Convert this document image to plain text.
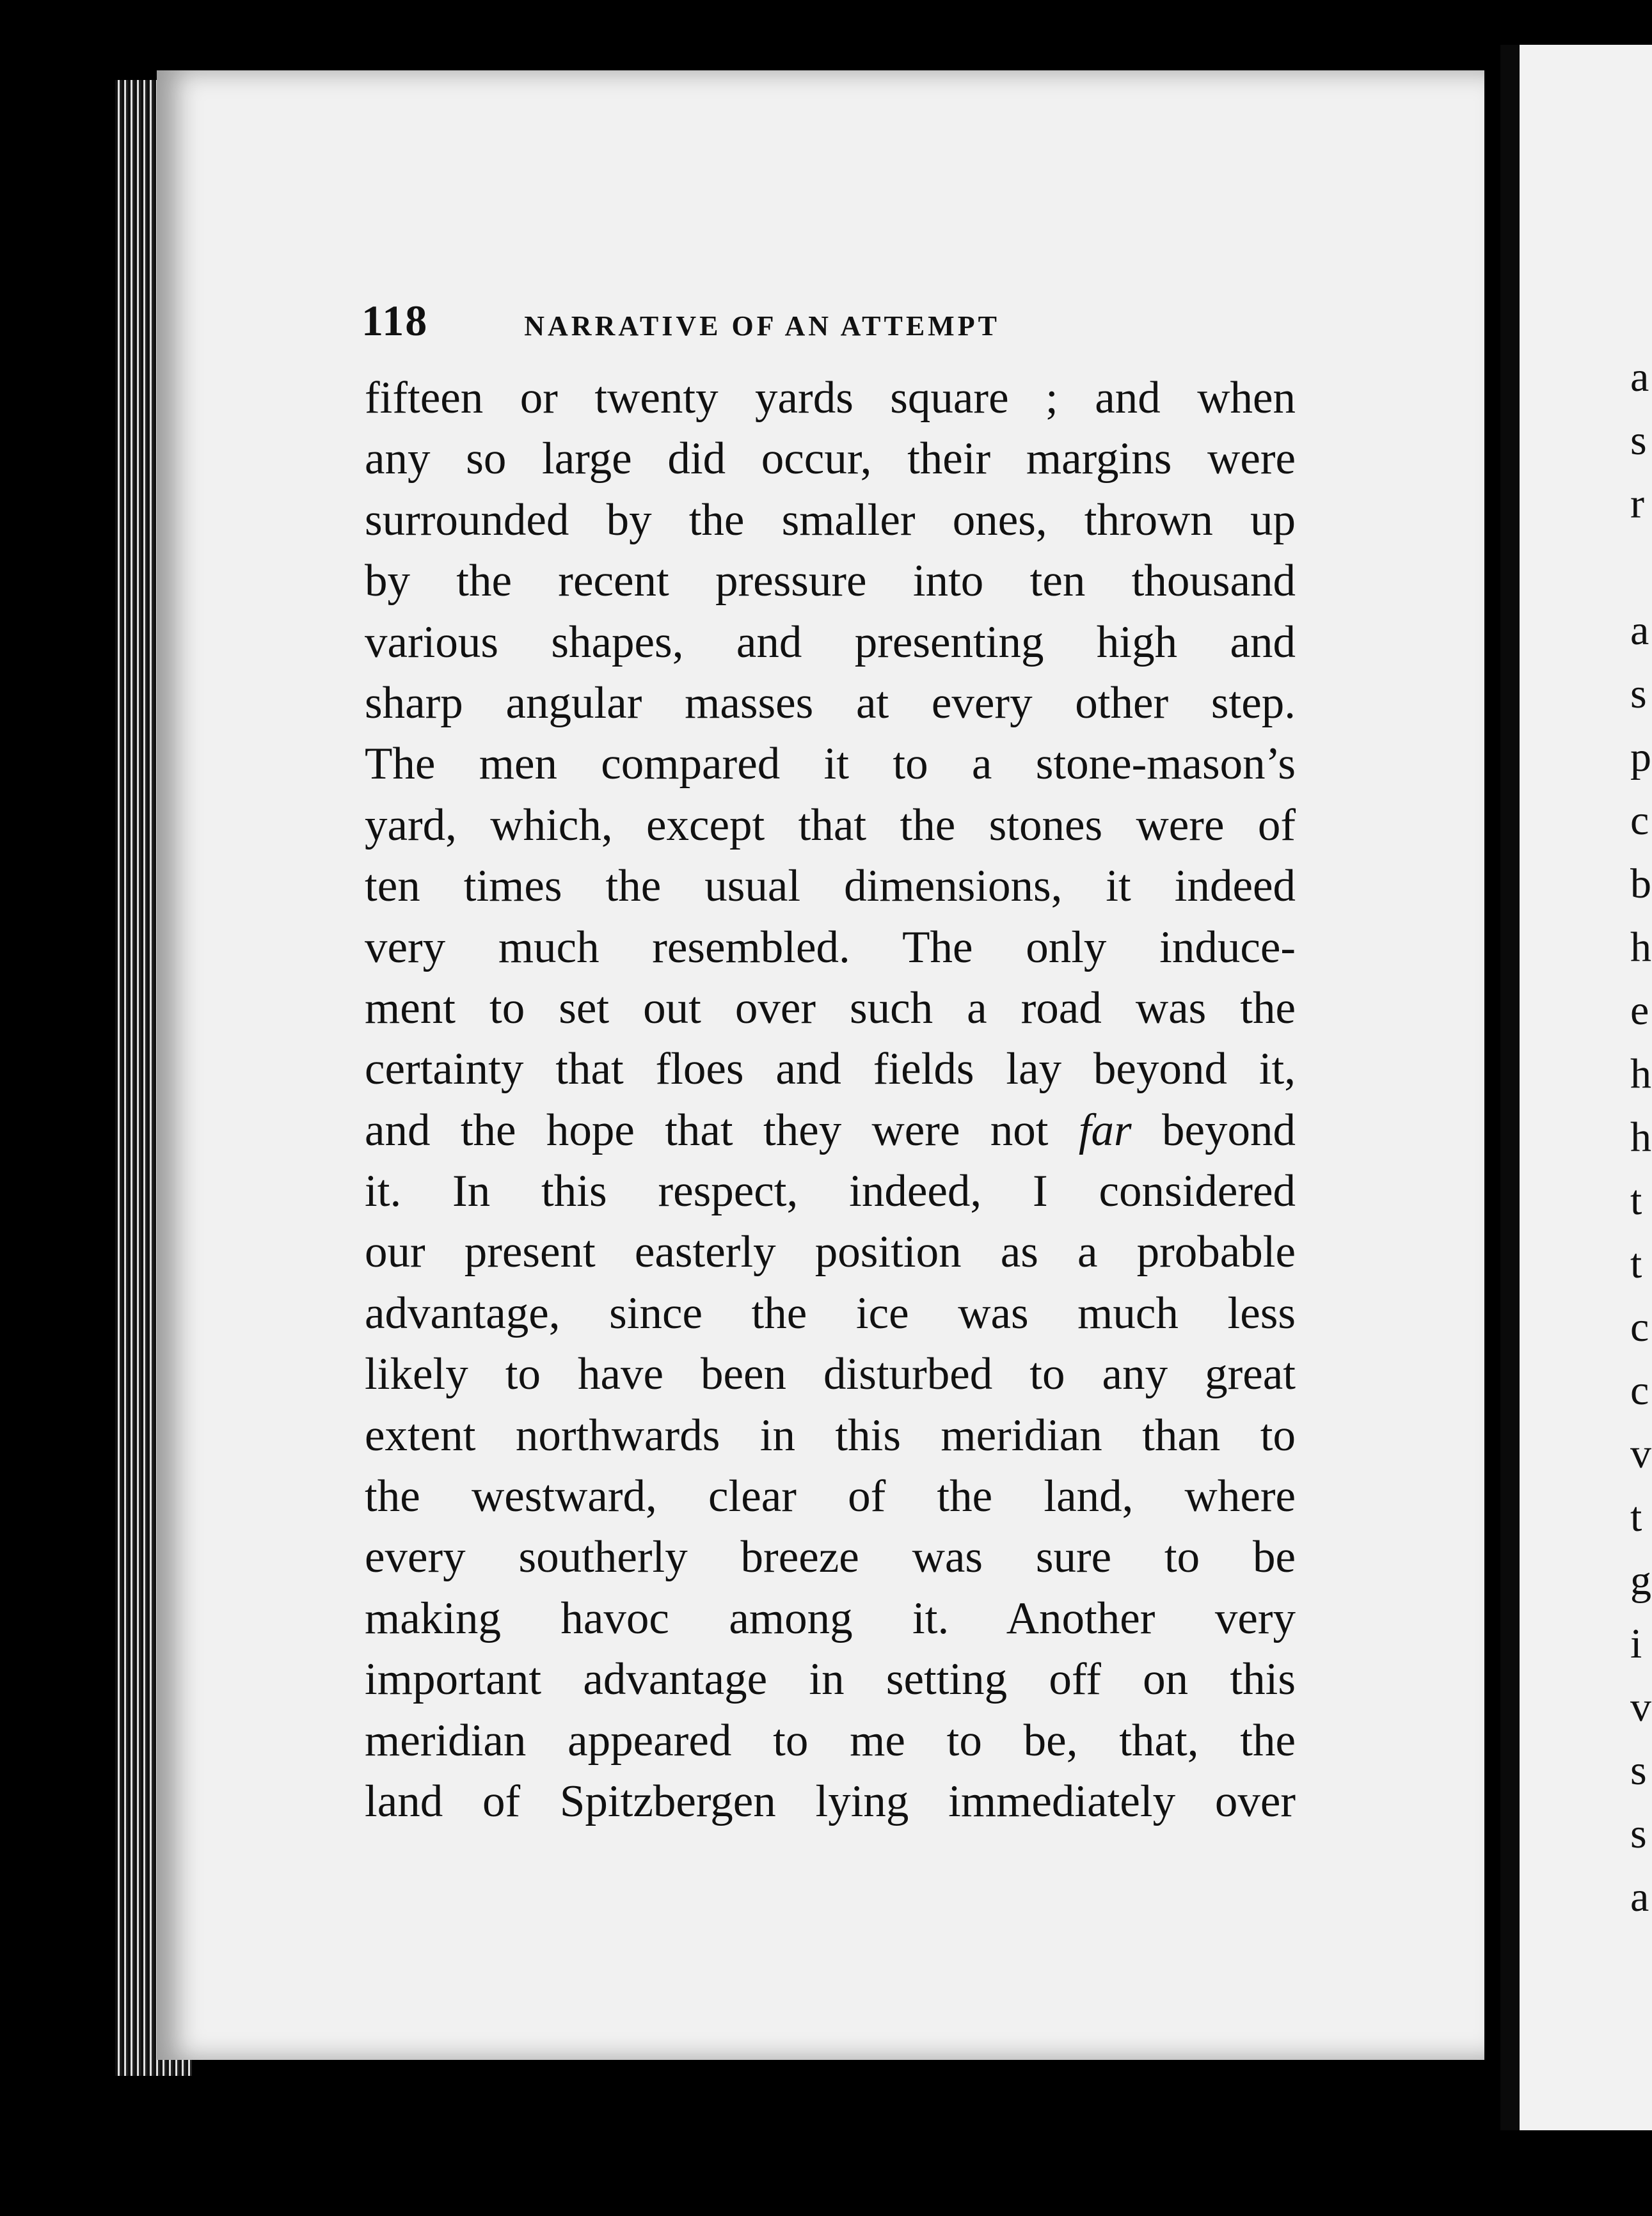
118	NARRATIVE OF AN ATTEMPT
fifteen or twenty yards square ; and when
any so large did occur, their margins were
surrounded by the smaller ones, thrown up
by the recent pressure into ten thousand
various shapes, and presenting high and
sharp angular masses at every other step.
The men compared it to a stone-mason’s
yard, which, except that the stones were of
ten times the usual dimensions, it indeed
very much resembled. The only induce-
ment to set out over such a road was the
certainty that floes and fields lay beyond it,
and the hope that they were not far beyond
it. In this respect, indeed, I considered
our present easterly position as a probable
advantage, since the ice was much less
likely to have been disturbed to any great
extent northwards in this meridian than to
the westward, clear of the land, where
every southerly breeze was sure to be
making havoc among it. Another very
important advantage in setting off on this
meridian appeared to me to be, that, the
land of Spitzbergen lying immediately over
a
s
r
a
s
p
c
b
h
e
h
h
t
t
c
c
v
t
g
i
v
s
s
a
